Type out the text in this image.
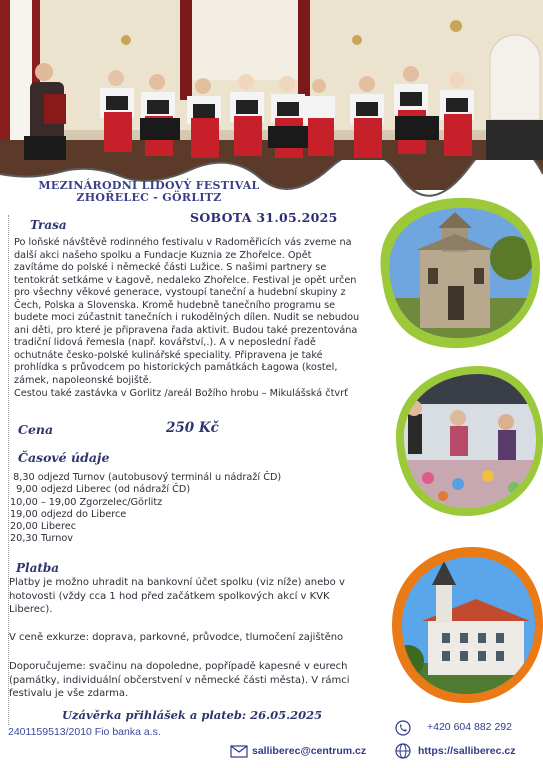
MEZINÁRODNÍ LIDOVÝ FESTIVAL
ZHOŘELEC - GÖRLITZ
SOBOTA 31.05.2025
Trasa

Po loňské návštěvě rodinného festivalu v Radoměřicích vás zveme na

další akci našeho spolku a Fundacje Kuznia ze Zhořelce. Opět

zavítáme do polské i německé části Lužice. S našimi partnery se

tentokrát setkáme v Łagově, nedaleko Zhořelce. Festival je opět určen

pro všechny věkové generace, vystoupí taneční a hudební skupiny z

Čech, Polska a Slovenska. Kromě hudebně tanečního programu se

budete moci zúčastnit tanečních i rukodělných dílen. Nudit se nebudou

ani děti, pro které je připravena řada aktivit. Budou také prezentována

tradiční lidová řemesla (např. kovářství,.). A v neposlední řadě

ochutnáte česko-polské kulinářské speciality. Připravena je také

prohlídka s průvodcem po historických památkách Łagowa (kostel,

zámek, napoleonské bojiště.

Cestou také zastávka v Gorlitz /areál Božího hrobu – Mikulášská čtvrť

Cena	250 Kč
Časové údaje

8,30 odjezd Turnov (autobusový terminál u nádraží ČD)

9,00 odjezd Liberec (od nádraží ČD)

10,00 – 19,00 Zgorzelec/Görlitz

19,00 odjezd do Liberce

20,00 Liberec

20,30 Turnov

Platba

Platby je možno uhradit na bankovní účet spolku (viz níže) anebo v

hotovosti (vždy cca 1 hod před začátkem spolkových akcí v KVK

Liberec).

V ceně exkurze: doprava, parkovné, průvodce, tlumočení zajištěno

Doporučujeme: svačinu na dopoledne, popřípadě kapesné v eurech

(památky, individuální občerstvení v německé části města). V rámci

festivalu je vše zdarma.

Uzávěrka přihlášek a plateb: 26.05.2025
2401159513/2010 Fio banka a.s.	+420 604 882 292
salliberec@centrum.cz	https://salliberec.cz
